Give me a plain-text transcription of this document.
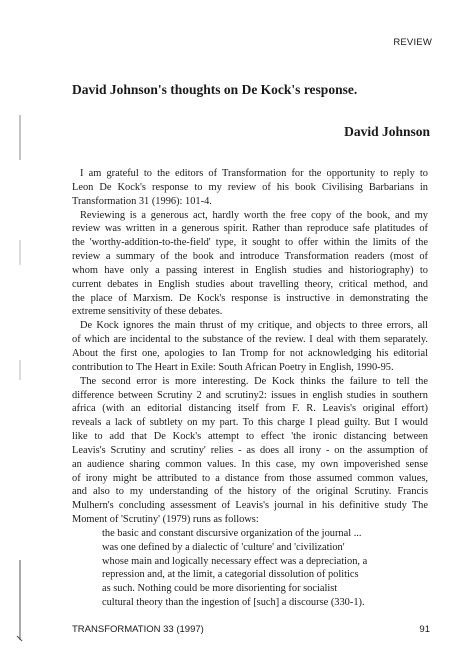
REVIEW
David Johnson's thoughts on De Kock's response.
David Johnson
I am grateful to the editors of Transformation for the opportunity to reply to
Leon De Kock's response to my review of his book Civilising Barbarians in
Transformation 31 (1996): 101-4.
Reviewing is a generous act, hardly worth the free copy of the book, and my
review was written in a generous spirit. Rather than reproduce safe platitudes of
the 'worthy-addition-to-the-field' type, it sought to offer within the limits of the
review a summary of the book and introduce Transformation readers (most of
whom have only a passing interest in English studies and historiography) to
current debates in English studies about travelling theory, critical method, and
the place of Marxism. De Kock's response is instructive in demonstrating the
extreme sensitivity of these debates.
De Kock ignores the main thrust of my critique, and objects to three errors, all
of which are incidental to the substance of the review. I deal with them separately.
About the first one, apologies to Ian Tromp for not acknowledging his editorial
contribution to The Heart in Exile: South African Poetry in English, 1990-95.
The second error is more interesting. De Kock thinks the failure to tell the
difference between Scrutiny 2 and scrutiny2: issues in english studies in southern
africa (with an editorial distancing itself from F. R. Leavis's original effort)
reveals a lack of subtlety on my part. To this charge I plead guilty. But I would
like to add that De Kock's attempt to effect 'the ironic distancing between
Leavis's Scrutiny and scrutiny' relies - as does all irony - on the assumption of
an audience sharing common values. In this case, my own impoverished sense
of irony might be attributed to a distance from those assumed common values,
and also to my understanding of the history of the original Scrutiny. Francis
Mulhern's concluding assessment of Leavis's journal in his definitive study The
Moment of 'Scrutiny' (1979) runs as follows:
the basic and constant discursive organization of the journal ...
was one defined by a dialectic of 'culture' and 'civilization'
whose main and logically necessary effect was a depreciation, a
repression and, at the limit, a categorial dissolution of politics
as such. Nothing could be more disorienting for socialist
cultural theory than the ingestion of [such] a discourse (330-1).
TRANSFORMATION 33 (1997)	91
